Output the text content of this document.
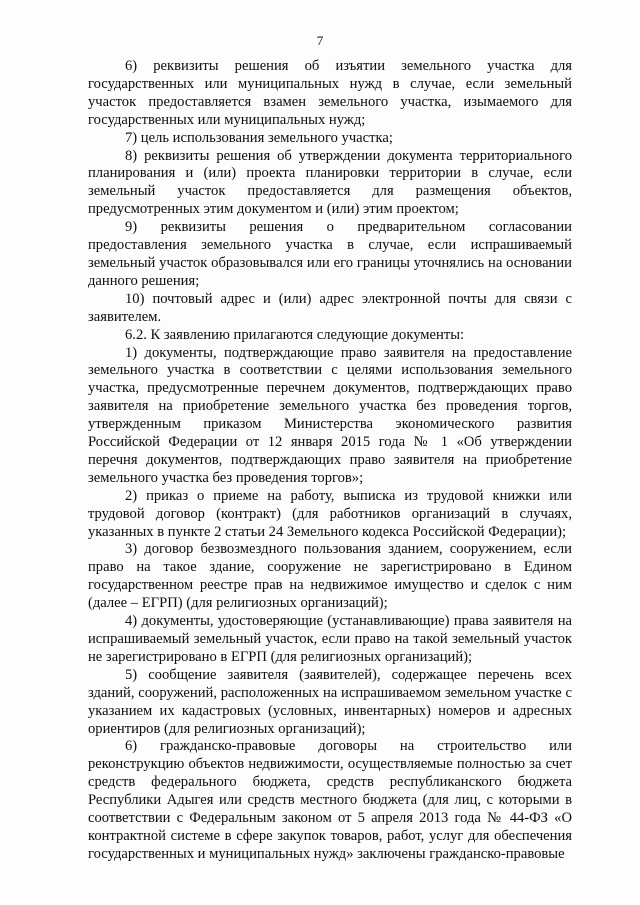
7

6) реквизиты решения об изъятии земельного участка для государственных или муниципальных нужд в случае, если земельный участок предоставляется взамен земельного участка, изымаемого для государственных или муниципальных нужд;

7) цель использования земельного участка;

8) реквизиты решения об утверждении документа территориального планирования и (или) проекта планировки территории в случае, если земельный участок предоставляется для размещения объектов, предусмотренных этим документом и (или) этим проектом;

9) реквизиты решения о предварительном согласовании предоставления земельного участка в случае, если испрашиваемый земельный участок образовывался или его границы уточнялись на основании данного решения;

10) почтовый адрес и (или) адрес электронной почты для связи с заявителем.

6.2. К заявлению прилагаются следующие документы:

1) документы, подтверждающие право заявителя на предоставление земельного участка в соответствии с целями использования земельного участка, предусмотренные перечнем документов, подтверждающих право заявителя на приобретение земельного участка без проведения торгов, утвержденным приказом Министерства экономического развития Российской Федерации от 12 января 2015 года № 1 «Об утверждении перечня документов, подтверждающих право заявителя на приобретение земельного участка без проведения торгов»;

2) приказ о приеме на работу, выписка из трудовой книжки или трудовой договор (контракт) (для работников организаций в случаях, указанных в пункте 2 статьи 24 Земельного кодекса Российской Федерации);

3) договор безвозмездного пользования зданием, сооружением, если право на такое здание, сооружение не зарегистрировано в Едином государственном реестре прав на недвижимое имущество и сделок с ним (далее – ЕГРП) (для религиозных организаций);

4) документы, удостоверяющие (устанавливающие) права заявителя на испрашиваемый земельный участок, если право на такой земельный участок не зарегистрировано в ЕГРП (для религиозных организаций);

5) сообщение заявителя (заявителей), содержащее перечень всех зданий, сооружений, расположенных на испрашиваемом земельном участке с указанием их кадастровых (условных, инвентарных) номеров и адресных ориентиров (для религиозных организаций);

6) гражданско-правовые договоры на строительство или реконструкцию объектов недвижимости, осуществляемые полностью за счет средств федерального бюджета, средств республиканского бюджета Республики Адыгея или средств местного бюджета (для лиц, с которыми в соответствии с Федеральным законом от 5 апреля 2013 года № 44-ФЗ «О контрактной системе в сфере закупок товаров, работ, услуг для обеспечения государственных и муниципальных нужд» заключены гражданско-правовые
